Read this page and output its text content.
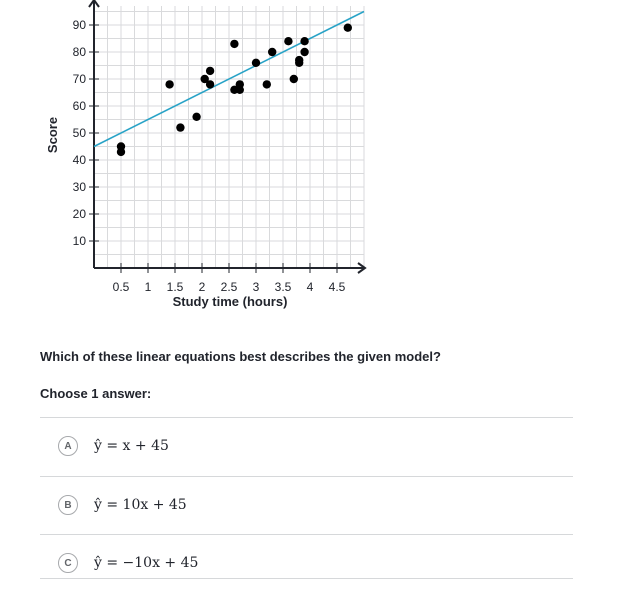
10
20
30
40
50
60
70
80
90
0.5 1 1.5 2 2.5 3 3.5 4 4.5
Study time (hours)
Score
Which of these linear equations best describes the given model?
Choose 1 answer:
A	ŷ = x + 45
B	ŷ = 10x + 45
C	ŷ = −10x + 45
